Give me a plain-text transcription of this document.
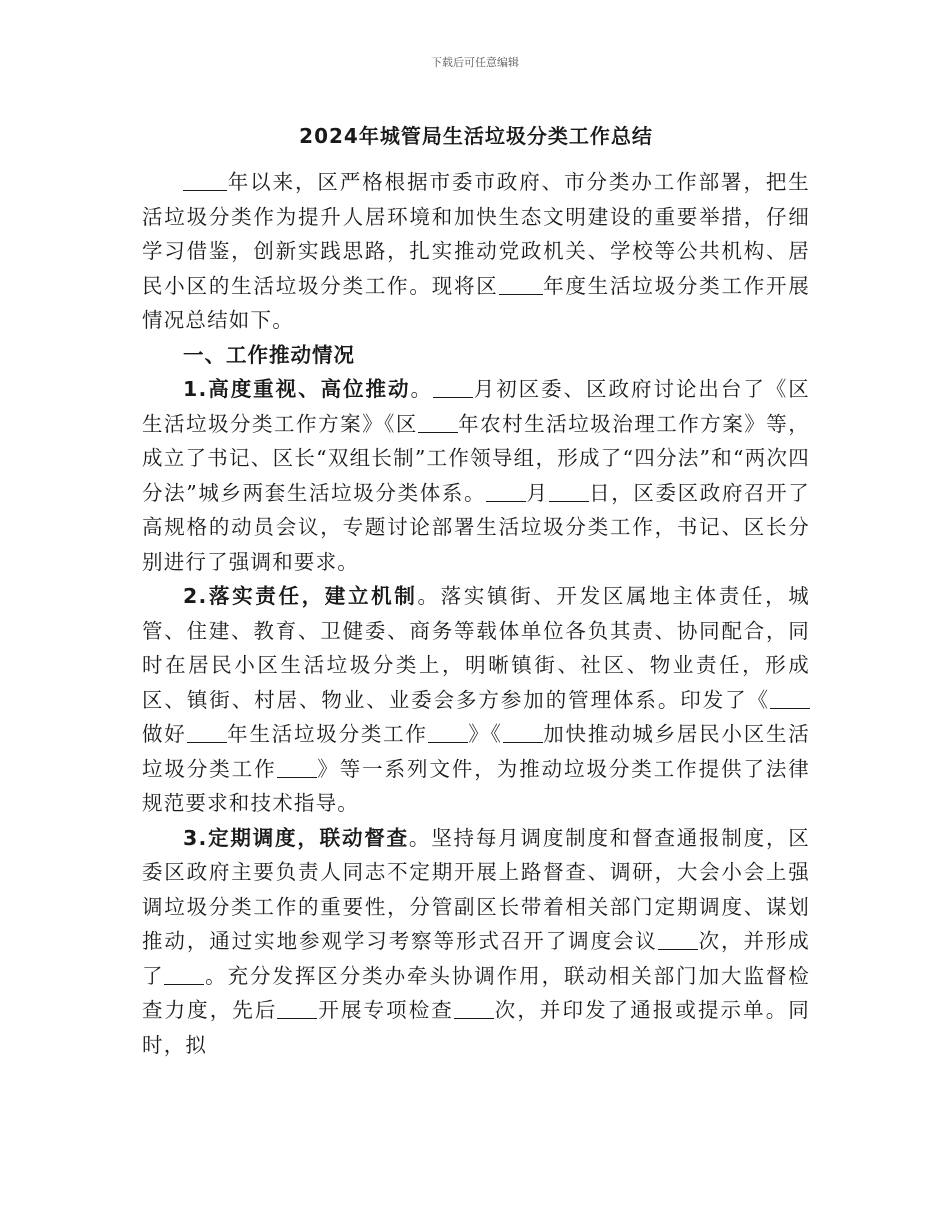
下载后可任意编辑
2024年城管局生活垃圾分类工作总结

年以来，区严格根据市委市政府、市分类办工作部署，把生活垃圾分类作为提升人居环境和加快生态文明建设的重要举措，仔细学习借鉴，创新实践思路，扎实推动党政机关、学校等公共机构、居民小区的生活垃圾分类工作。现将区 年度生活垃圾分类工作开展情况总结如下。

一、工作推动情况

1.高度重视、高位推动。 月初区委、区政府讨论出台了《区生活垃圾分类工作方案》《区 年农村生活垃圾治理工作方案》等，成立了书记、区长“双组长制”工作领导组，形成了“四分法”和“两次四分法”城乡两套生活垃圾分类体系。 月 日，区委区政府召开了高规格的动员会议，专题讨论部署生活垃圾分类工作，书记、区长分别进行了强调和要求。

2.落实责任，建立机制。落实镇街、开发区属地主体责任，城管、住建、教育、卫健委、商务等载体单位各负其责、协同配合，同时在居民小区生活垃圾分类上，明晰镇街、社区、物业责任，形成区、镇街、村居、物业、业委会多方参加的管理体系。印发了《做好 年生活垃圾分类工作 》《 加快推动城乡居民小区生活垃圾分类工作 》等一系列文件，为推动垃圾分类工作提供了法律规范要求和技术指导。

3.定期调度，联动督查。坚持每月调度制度和督查通报制度，区委区政府主要负责人同志不定期开展上路督查、调研，大会小会上强调垃圾分类工作的重要性，分管副区长带着相关部门定期调度、谋划推动，通过实地参观学习考察等形式召开了调度会议 次，并形成了 。充分发挥区分类办牵头协调作用，联动相关部门加大监督检查力度，先后 开展专项检查 次，并印发了通报或提示单。同时，拟
